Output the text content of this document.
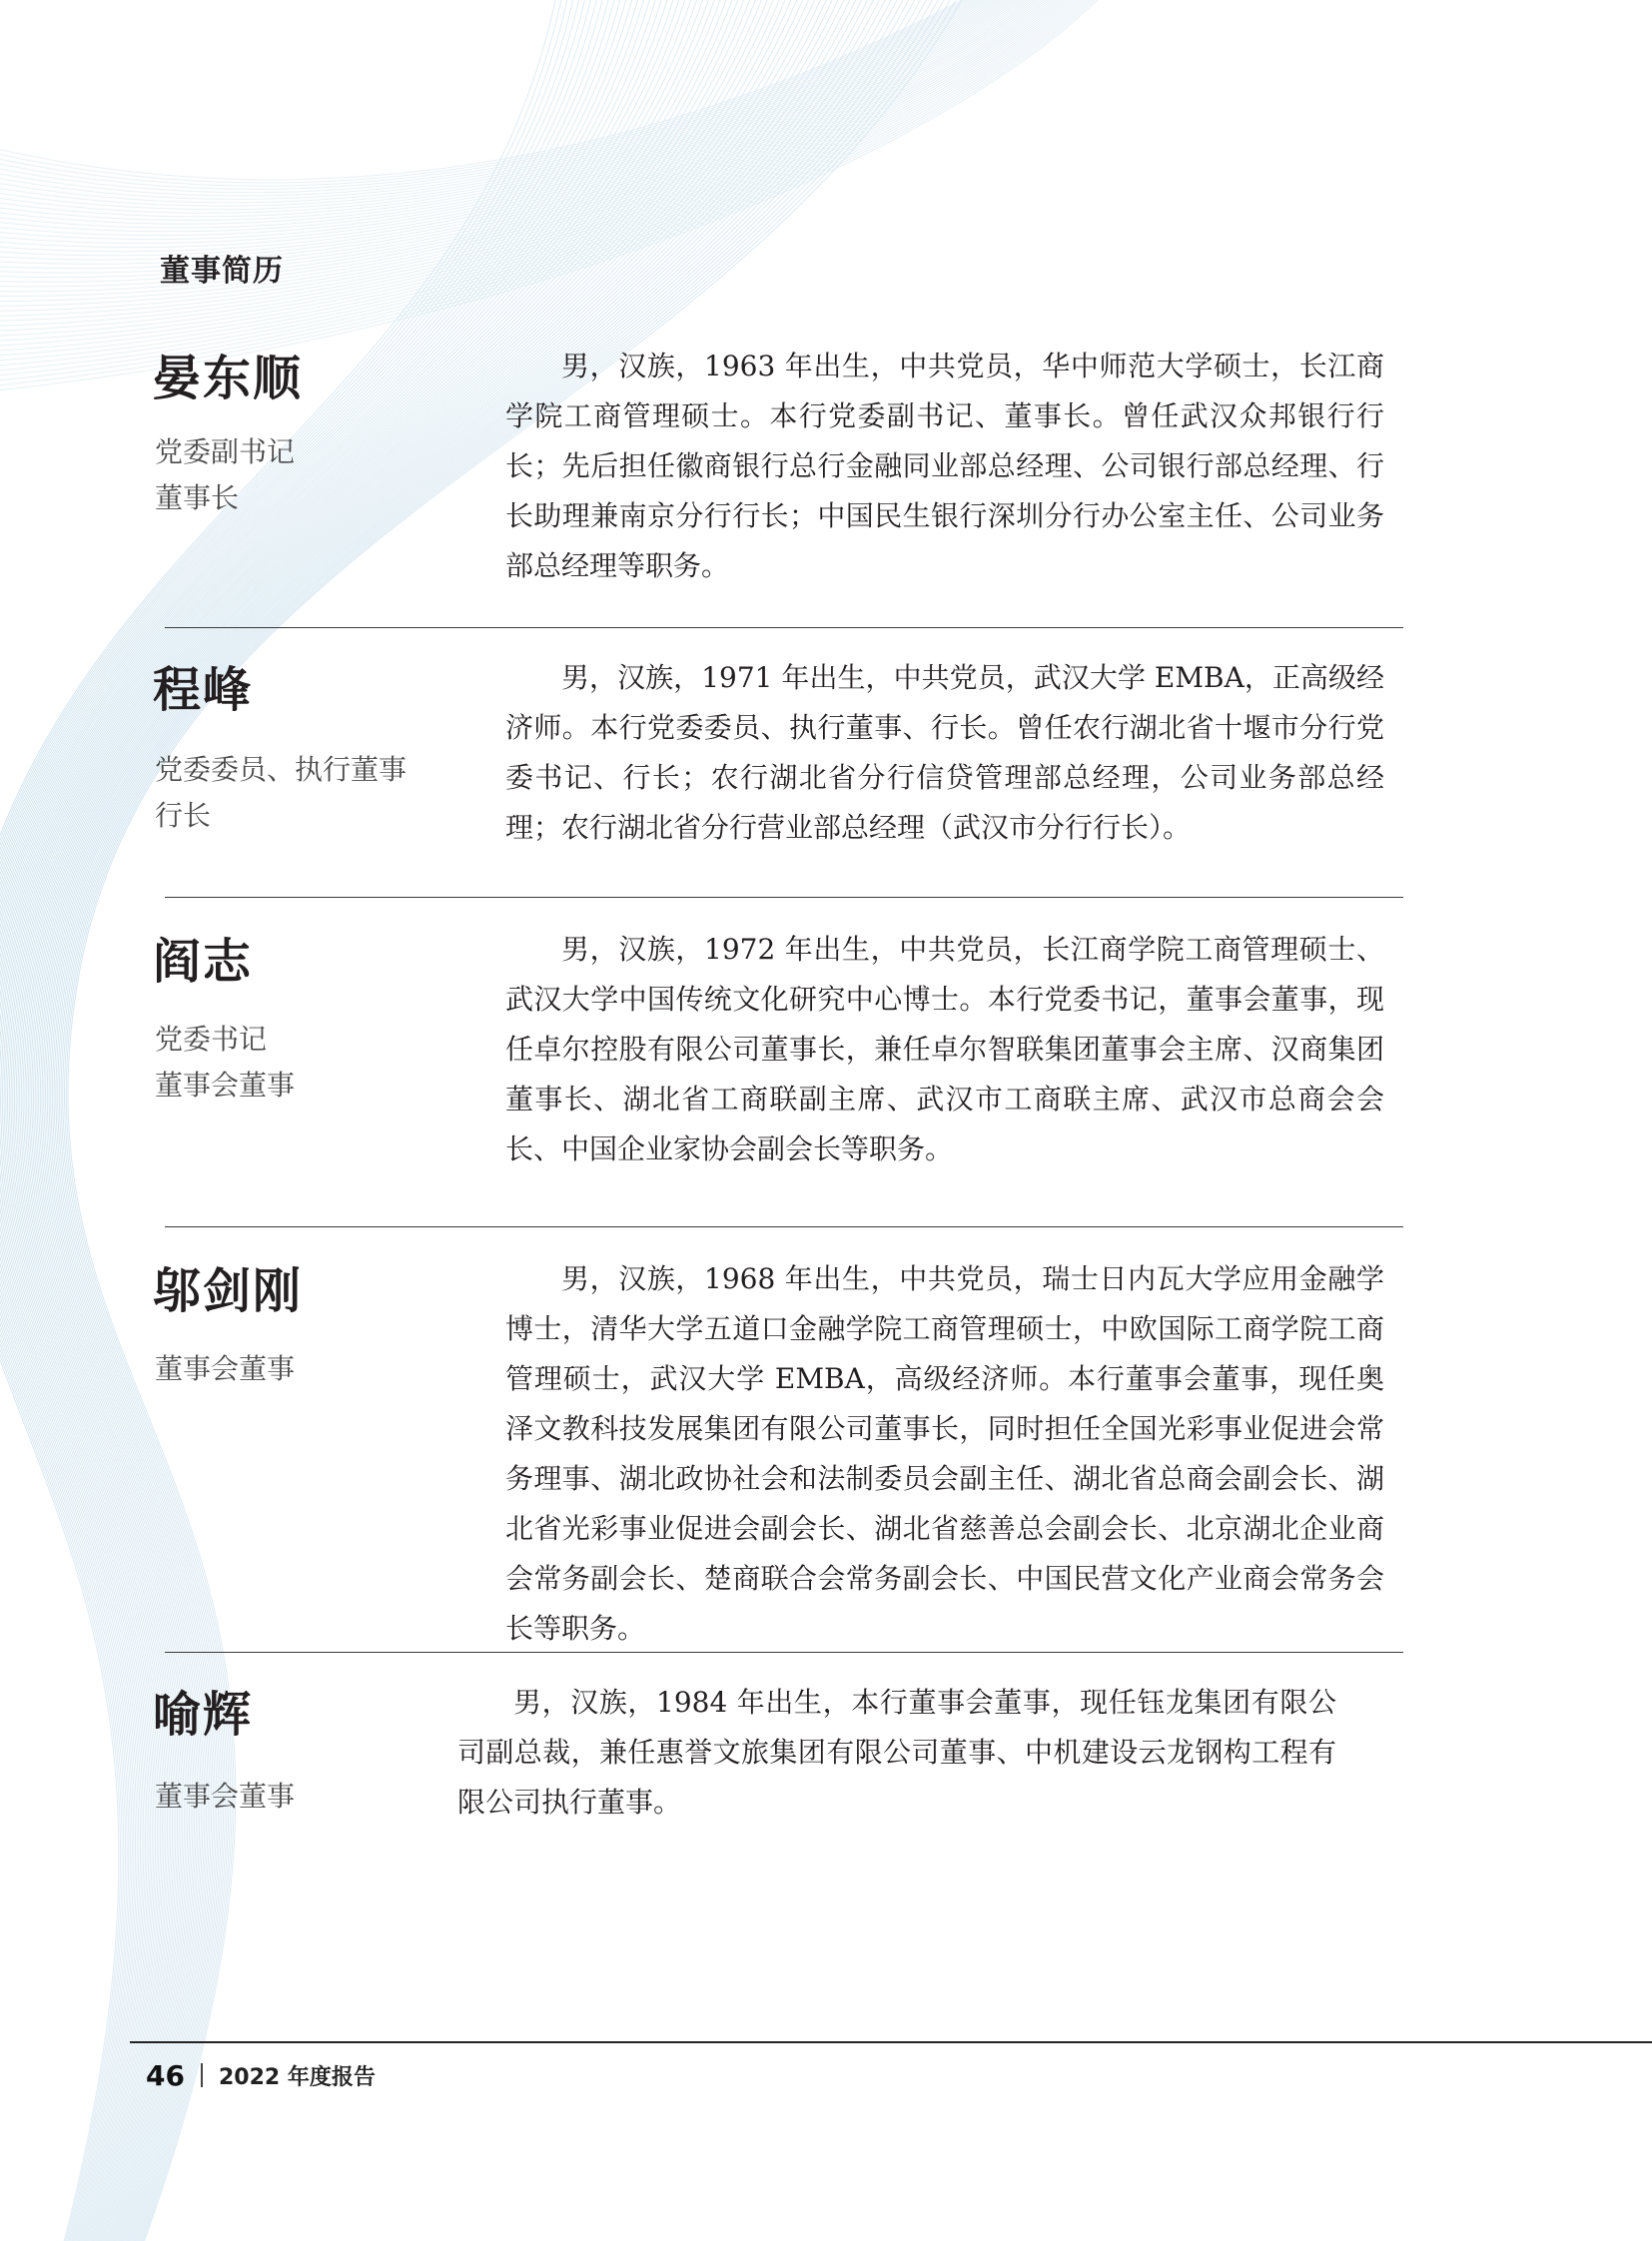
董事简历
晏东顺
党委副书记
董事长

男，汉族，1963 年出生，中共党员，华中师范大学硕士，长江商学院工商管理硕士。本行党委副书记、董事长。曾任武汉众邦银行行长；先后担任徽商银行总行金融同业部总经理、公司银行部总经理、行长助理兼南京分行行长；中国民生银行深圳分行办公室主任、公司业务部总经理等职务。

程峰
党委委员、执行董事
行长

男，汉族，1971 年出生，中共党员，武汉大学 EMBA，正高级经济师。本行党委委员、执行董事、行长。曾任农行湖北省十堰市分行党委书记、行长；农行湖北省分行信贷管理部总经理，公司业务部总经理；农行湖北省分行营业部总经理（武汉市分行行长）。

阎志
党委书记
董事会董事

男，汉族，1972 年出生，中共党员，长江商学院工商管理硕士、武汉大学中国传统文化研究中心博士。本行党委书记，董事会董事，现任卓尔控股有限公司董事长，兼任卓尔智联集团董事会主席、汉商集团董事长、湖北省工商联副主席、武汉市工商联主席、武汉市总商会会长、中国企业家协会副会长等职务。

邬剑刚
董事会董事

男，汉族，1968 年出生，中共党员，瑞士日内瓦大学应用金融学博士，清华大学五道口金融学院工商管理硕士，中欧国际工商学院工商管理硕士，武汉大学 EMBA，高级经济师。本行董事会董事，现任奥泽文教科技发展集团有限公司董事长，同时担任全国光彩事业促进会常务理事、湖北政协社会和法制委员会副主任、湖北省总商会副会长、湖北省光彩事业促进会副会长、湖北省慈善总会副会长、北京湖北企业商会常务副会长、楚商联合会常务副会长、中国民营文化产业商会常务会长等职务。

喻辉
董事会董事

男，汉族，1984 年出生，本行董事会董事，现任钰龙集团有限公司副总裁，兼任惠誉文旅集团有限公司董事、中机建设云龙钢构工程有限公司执行董事。

46 2022 年度报告
